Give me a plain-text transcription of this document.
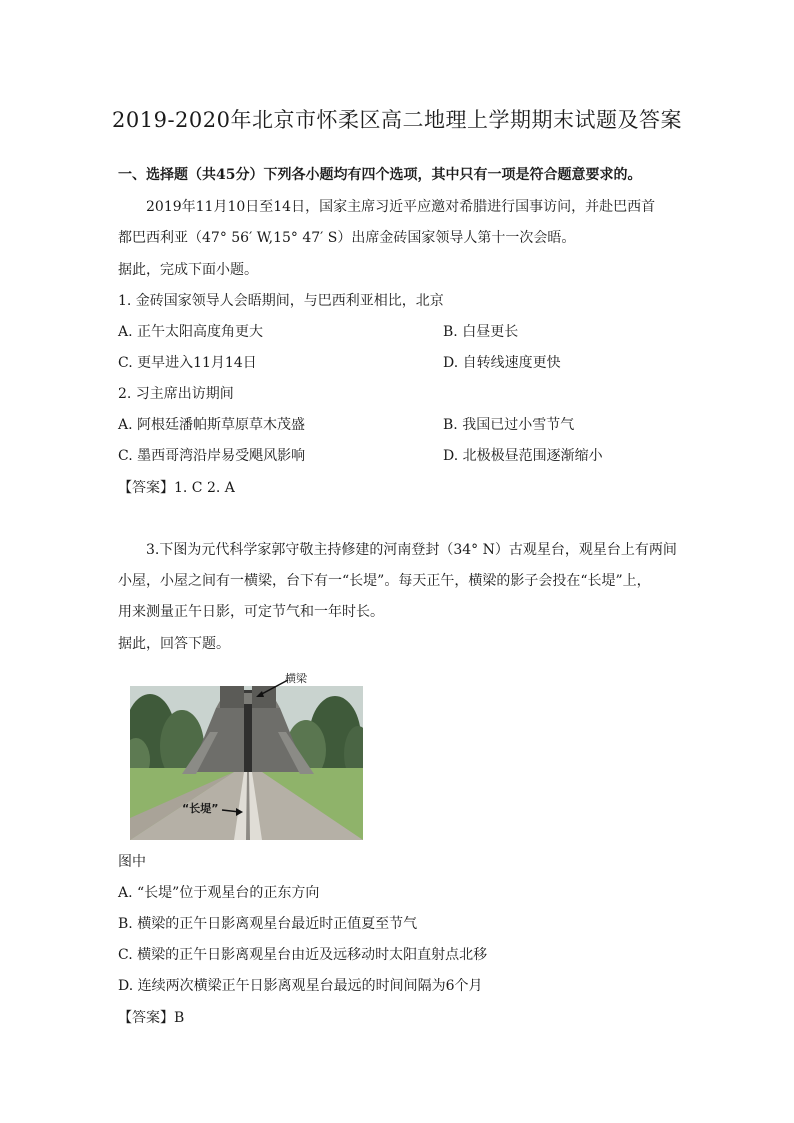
2019-2020年北京市怀柔区高二地理上学期期末试题及答案
一、选择题（共45分）下列各小题均有四个选项，其中只有一项是符合题意要求的。
2019年11月10日至14日，国家主席习近平应邀对希腊进行国事访问，并赴巴西首
都巴西利亚（47° 56′ W,15° 47′ S）出席金砖国家领导人第十一次会晤。
据此，完成下面小题。
1. 金砖国家领导人会晤期间，与巴西利亚相比，北京
A. 正午太阳高度角更大	B. 白昼更长
C. 更早进入11月14日	D. 自转线速度更快
2. 习主席出访期间
A. 阿根廷潘帕斯草原草木茂盛	B. 我国已过小雪节气
C. 墨西哥湾沿岸易受飓风影响	D. 北极极昼范围逐渐缩小
【答案】1. C 2. A
3.下图为元代科学家郭守敬主持修建的河南登封（34° N）古观星台，观星台上有两间
小屋，小屋之间有一横梁，台下有一“长堤”。每天正午，横梁的影子会投在“长堤”上，
用来测量正午日影，可定节气和一年时长。
据此，回答下题。
横梁
“长堤”
图中
A. “长堤”位于观星台的正东方向
B. 横梁的正午日影离观星台最近时正值夏至节气
C. 横梁的正午日影离观星台由近及远移动时太阳直射点北移
D. 连续两次横梁正午日影离观星台最远的时间间隔为6个月
【答案】B
